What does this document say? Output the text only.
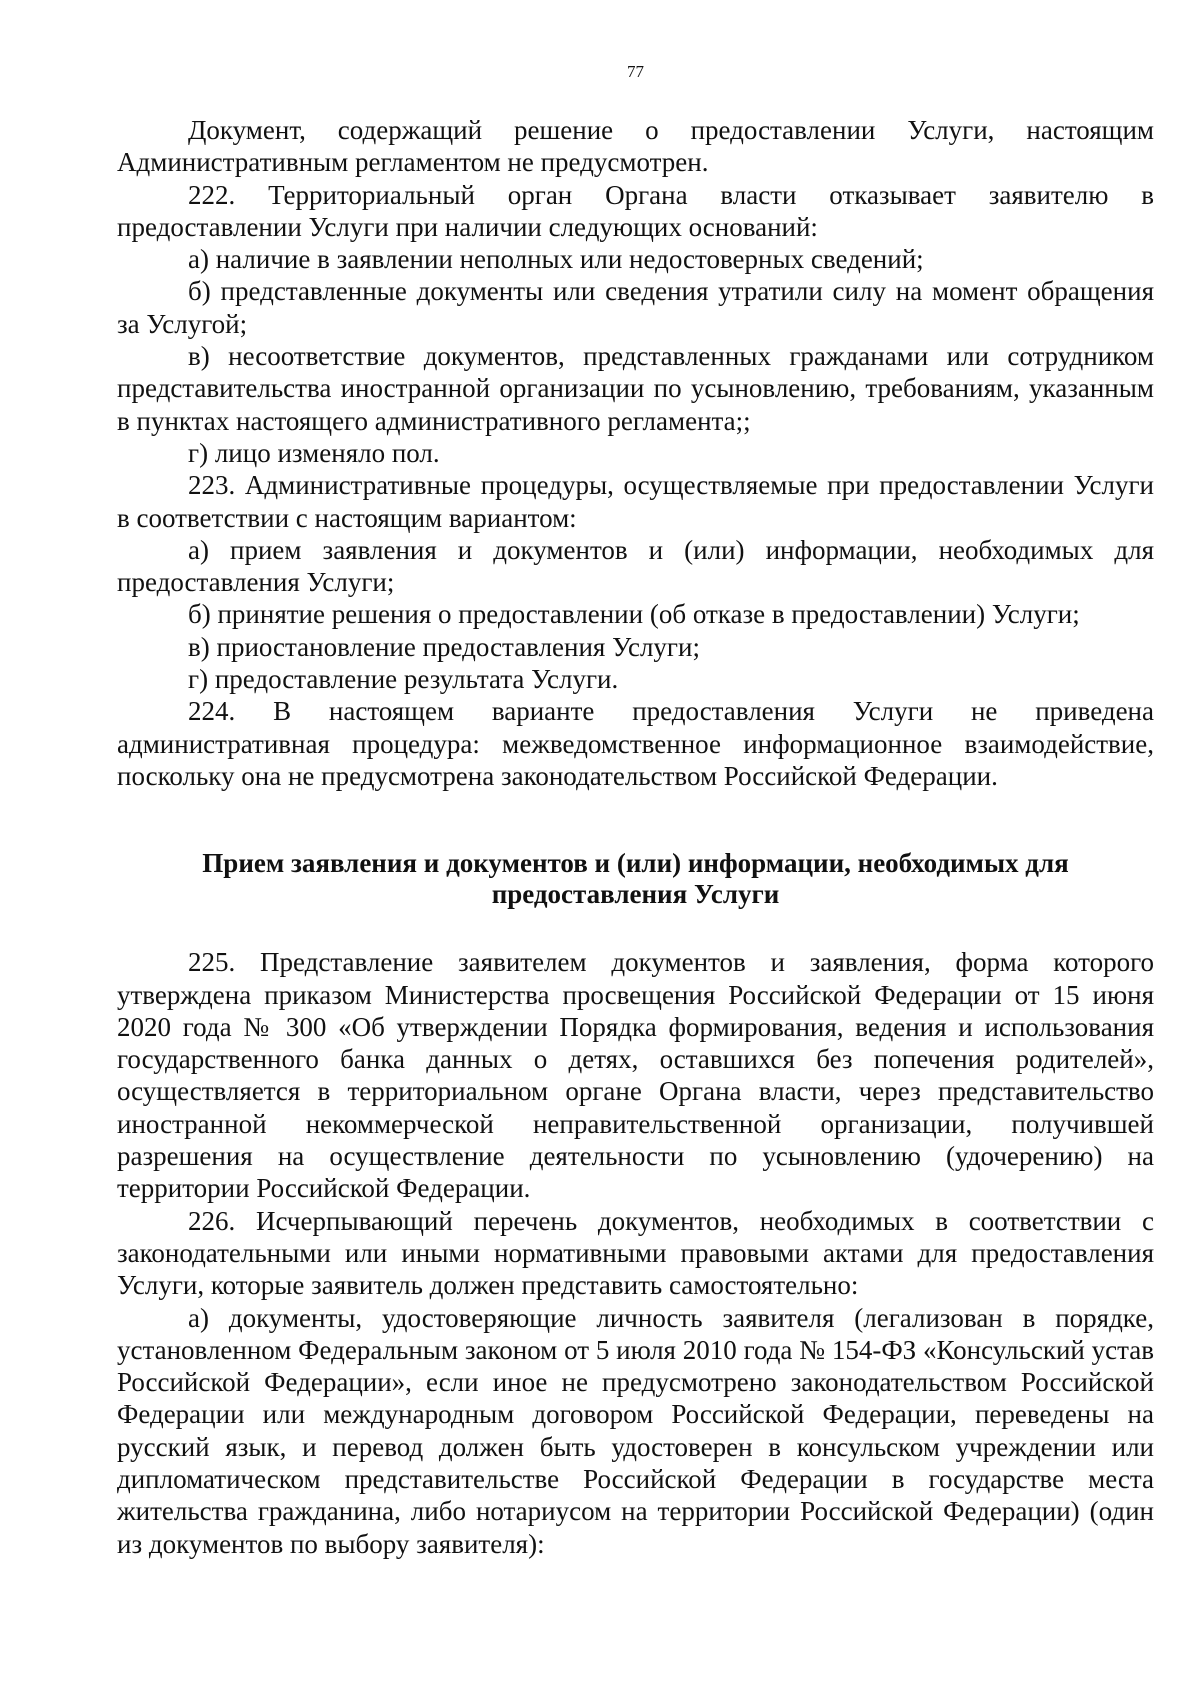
77

Документ, содержащий решение о предоставлении Услуги, настоящим Административным регламентом не предусмотрен.

222. Территориальный орган Органа власти отказывает заявителю в предоставлении Услуги при наличии следующих оснований:

а) наличие в заявлении неполных или недостоверных сведений;

б) представленные документы или сведения утратили силу на момент обращения за Услугой;

в) несоответствие документов, представленных гражданами или сотрудником представительства иностранной организации по усыновлению, требованиям, указанным в пунктах настоящего административного регламента;;

г) лицо изменяло пол.

223. Административные процедуры, осуществляемые при предоставлении Услуги в соответствии с настоящим вариантом:

а) прием заявления и документов и (или) информации, необходимых для предоставления Услуги;

б) принятие решения о предоставлении (об отказе в предоставлении) Услуги;

в) приостановление предоставления Услуги;

г) предоставление результата Услуги.

224. В настоящем варианте предоставления Услуги не приведена административная процедура: межведомственное информационное взаимодействие, поскольку она не предусмотрена законодательством Российской Федерации.

Прием заявления и документов и (или) информации, необходимых для
предоставления Услуги

225. Представление заявителем документов и заявления, форма которого утверждена приказом Министерства просвещения Российской Федерации от 15 июня 2020 года № 300 «Об утверждении Порядка формирования, ведения и использования государственного банка данных о детях, оставшихся без попечения родителей», осуществляется в территориальном органе Органа власти, через представительство иностранной некоммерческой неправительственной организации, получившей разрешения на осуществление деятельности по усыновлению (удочерению) на территории Российской Федерации.

226. Исчерпывающий перечень документов, необходимых в соответствии с законодательными или иными нормативными правовыми актами для предоставления Услуги, которые заявитель должен представить самостоятельно:

а) документы, удостоверяющие личность заявителя (легализован в порядке, установленном Федеральным законом от 5 июля 2010 года № 154-ФЗ «Консульский устав Российской Федерации», если иное не предусмотрено законодательством Российской Федерации или международным договором Российской Федерации, переведены на русский язык, и перевод должен быть удостоверен в консульском учреждении или дипломатическом представительстве Российской Федерации в государстве места жительства гражданина, либо нотариусом на территории Российской Федерации) (один из документов по выбору заявителя):
